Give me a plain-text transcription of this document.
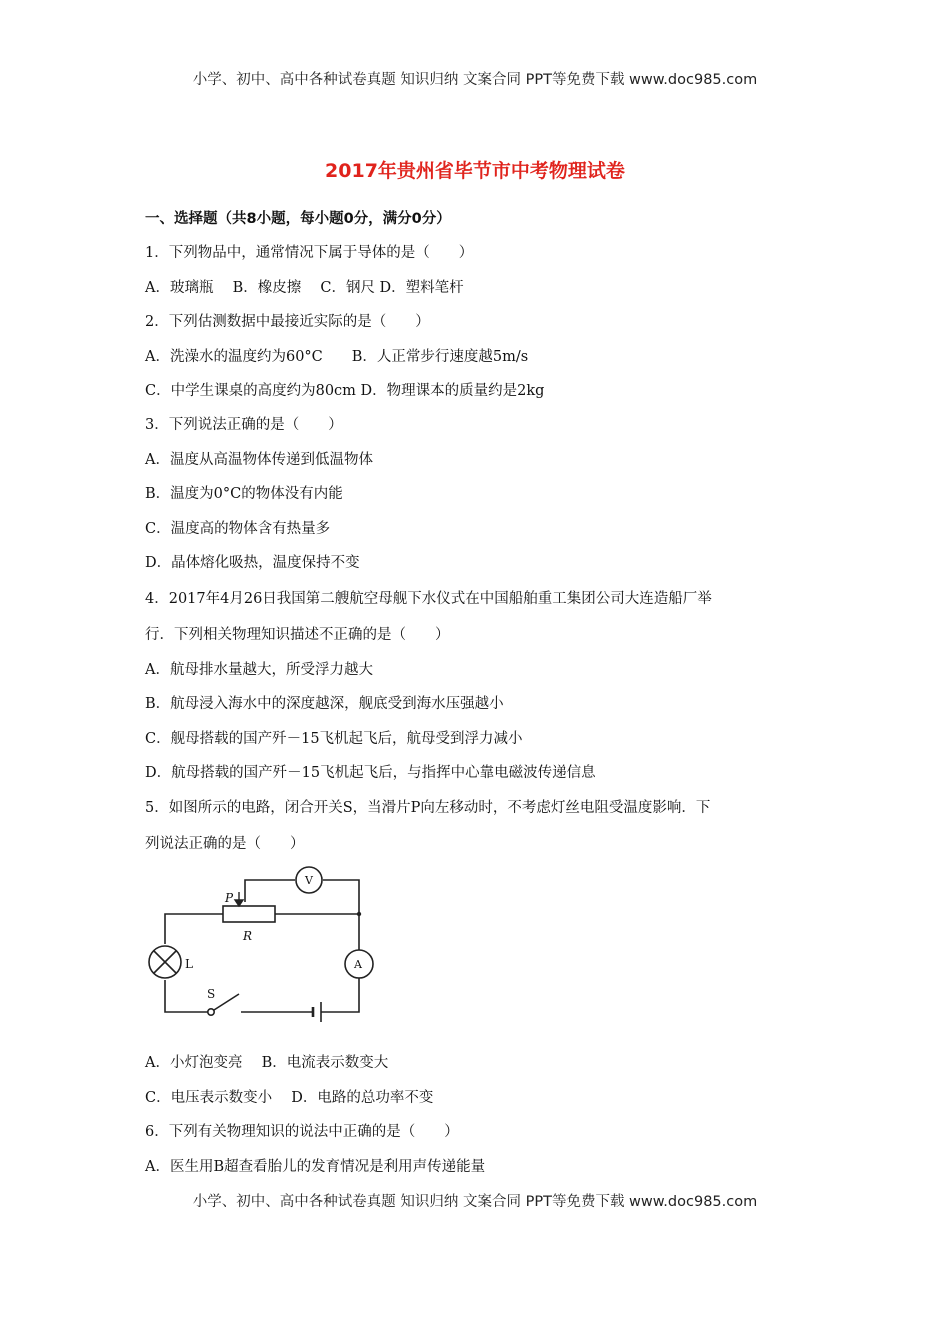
小学、初中、高中各种试卷真题 知识归纳 文案合同 PPT等免费下载 www.doc985.com
2017年贵州省毕节市中考物理试卷
一、选择题（共8小题，每小题0分，满分0分）
1．下列物品中，通常情况下属于导体的是（　　）
A．玻璃瓶　 B．橡皮擦　 C．钢尺 D．塑料笔杆
2．下列估测数据中最接近实际的是（　　）
A．洗澡水的温度约为60°C　　B．人正常步行速度越5m/s
C．中学生课桌的高度约为80cm D．物理课本的质量约是2kg
3．下列说法正确的是（　　）
A．温度从高温物体传递到低温物体
B．温度为0°C的物体没有内能
C．温度高的物体含有热量多
D．晶体熔化吸热，温度保持不变
4．2017年4月26日我国第二艘航空母舰下水仪式在中国船舶重工集团公司大连造船厂举
行．下列相关物理知识描述不正确的是（　　）
A．航母排水量越大，所受浮力越大
B．航母浸入海水中的深度越深，舰底受到海水压强越小
C．舰母搭载的国产歼－15飞机起飞后，航母受到浮力减小
D．航母搭载的国产歼－15飞机起飞后，与指挥中心靠电磁波传递信息
5．如图所示的电路，闭合开关S，当滑片P向左移动时，不考虑灯丝电阻受温度影响．下
列说法正确的是（　　）
P
R
V
A
L
S
A．小灯泡变亮　 B．电流表示数变大
C．电压表示数变小　 D．电路的总功率不变
6．下列有关物理知识的说法中正确的是（　　）
A．医生用B超查看胎儿的发育情况是利用声传递能量
小学、初中、高中各种试卷真题 知识归纳 文案合同 PPT等免费下载 www.doc985.com
